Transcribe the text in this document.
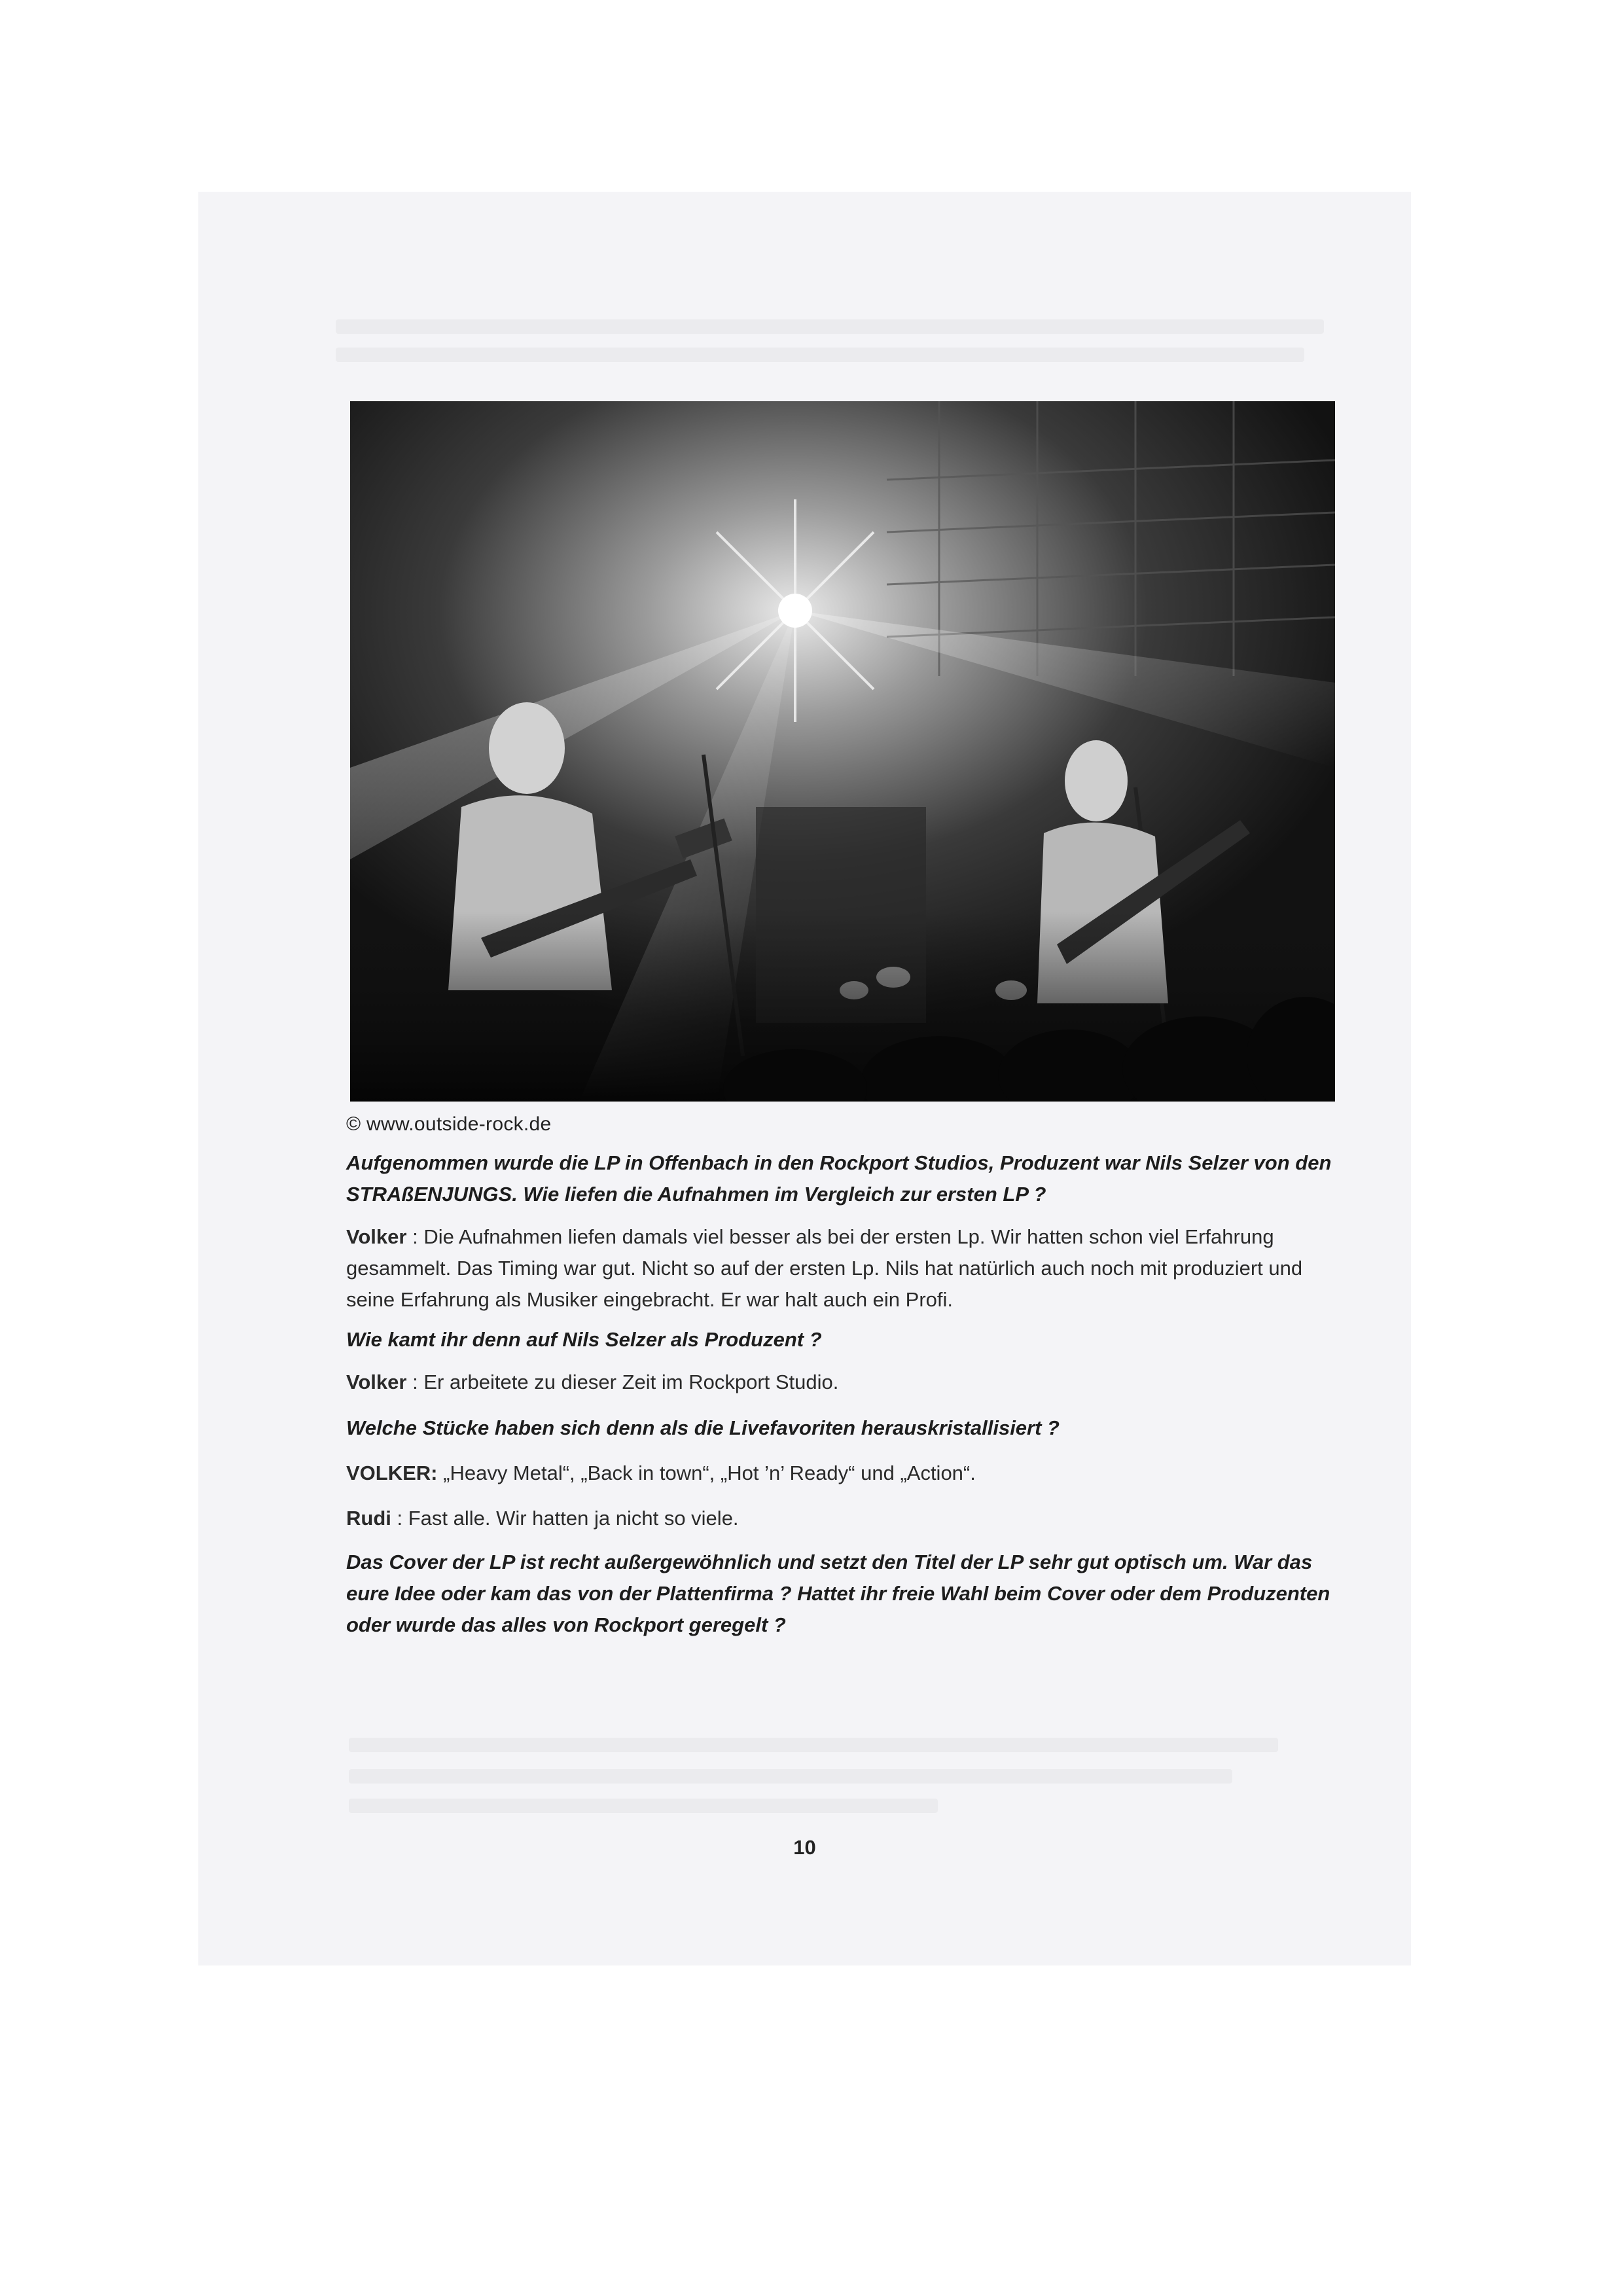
© www.outside-rock.de
Aufgenommen wurde die LP in Offenbach in den Rockport Studios, Produzent war Nils Selzer von den STRAßENJUNGS. Wie liefen die Aufnahmen im Vergleich zur ersten LP ?
Volker : Die Aufnahmen liefen damals viel besser als bei der ersten Lp. Wir hatten schon viel Erfahrung gesammelt. Das Timing war gut. Nicht so auf der ersten Lp. Nils hat natürlich auch noch mit produziert und seine Erfahrung als Musiker eingebracht. Er war halt auch ein Profi.
Wie kamt ihr denn auf Nils Selzer als Produzent ?
Volker : Er arbeitete zu dieser Zeit im Rockport Studio.
Welche Stücke haben sich denn als die Livefavoriten herauskristallisiert ?
VOLKER: „Heavy Metal“, „Back in town“, „Hot ’n’ Ready“ und „Action“.
Rudi : Fast alle. Wir hatten ja nicht so viele.
Das Cover der LP ist recht außergewöhnlich und setzt den Titel der LP sehr gut optisch um. War das eure Idee oder kam das von der Plattenfirma ? Hattet ihr freie Wahl beim Cover oder dem Produzenten oder wurde das alles von Rockport geregelt ?
10
